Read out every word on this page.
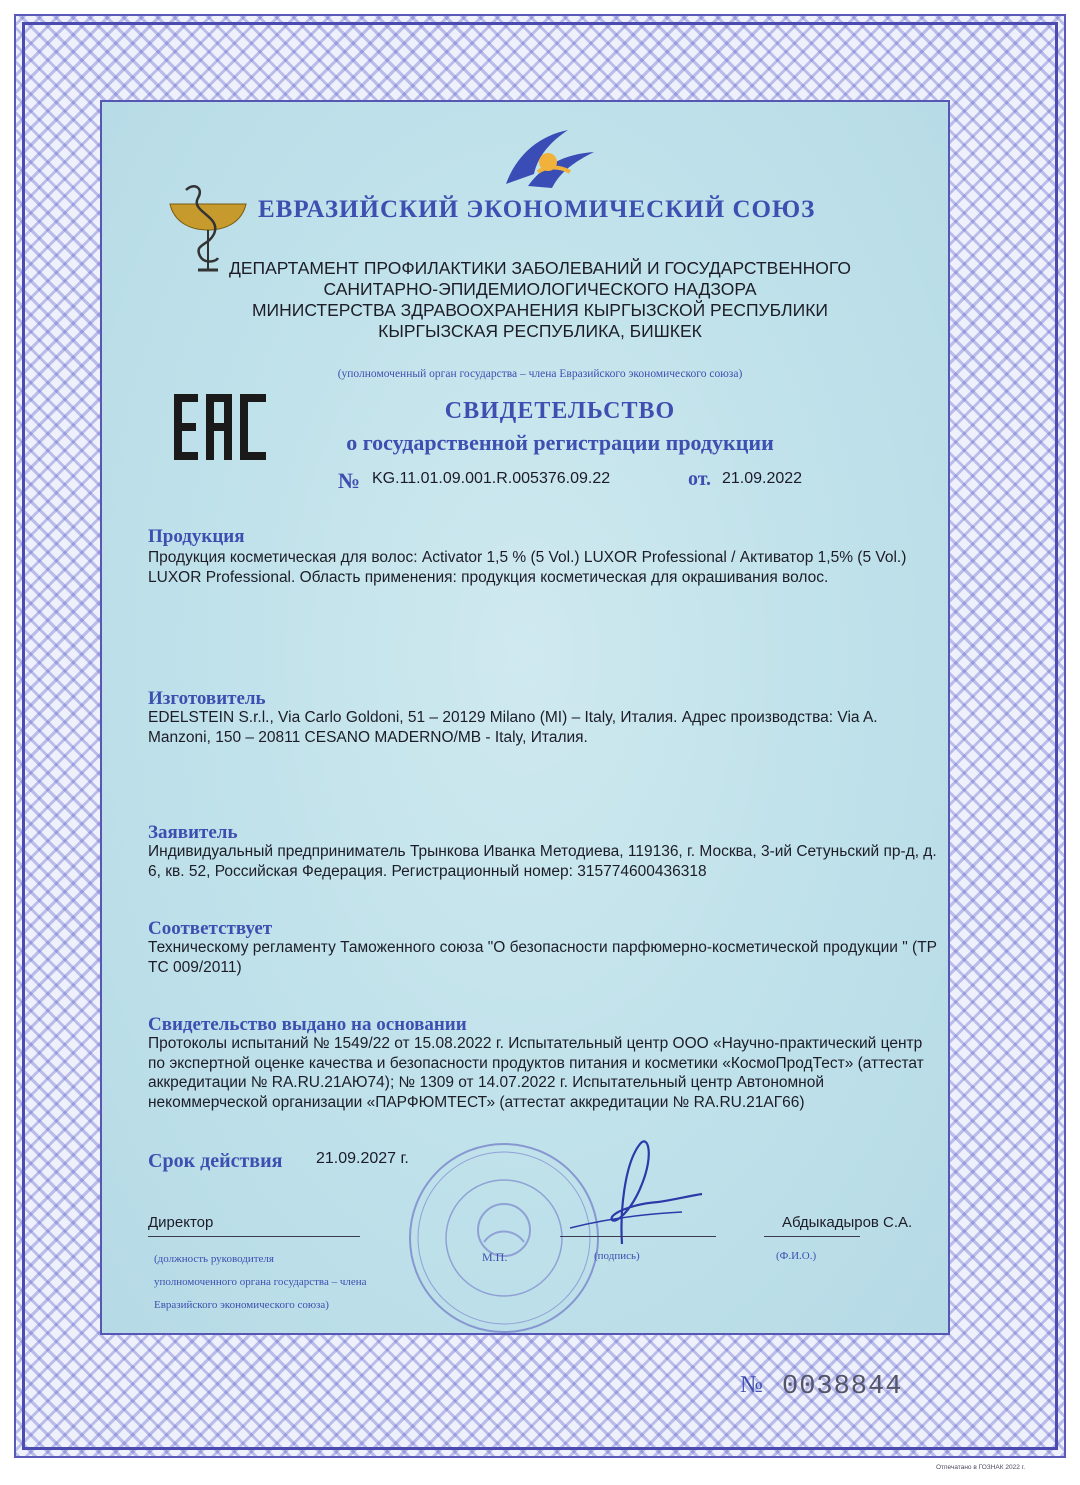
ЕВРАЗИЙСКИЙ ЭКОНОМИЧЕСКИЙ СОЮЗ
ДЕПАРТАМЕНТ ПРОФИЛАКТИКИ ЗАБОЛЕВАНИЙ И ГОСУДАРСТВЕННОГО
САНИТАРНО-ЭПИДЕМИОЛОГИЧЕСКОГО НАДЗОРА
МИНИСТЕРСТВА ЗДРАВООХРАНЕНИЯ КЫРГЫЗСКОЙ РЕСПУБЛИКИ
КЫРГЫЗСКАЯ РЕСПУБЛИКА, БИШКЕК
(уполномоченный орган государства – члена Евразийского экономического союза)
СВИДЕТЕЛЬСТВО
о государственной регистрации продукции
№ KG.11.01.09.001.R.005376.09.22	от. 21.09.2022
Продукция
Продукция косметическая для волос: Activator 1,5 % (5 Vol.) LUXOR Professional / Активатор 1,5% (5 Vol.) LUXOR Professional. Область применения: продукция косметическая для окрашивания волос.
Изготовитель
EDELSTEIN S.r.l., Via Carlo Goldoni, 51 – 20129 Milano (MI) – Italy, Италия. Адрес производства: Via A. Manzoni, 150 – 20811 CESANO MADERNO/MB - Italy, Италия.
Заявитель
Индивидуальный предприниматель Трынкова Иванка Методиева, 119136, г. Москва, 3-ий Сетуньский пр-д, д. 6, кв. 52, Российская Федерация. Регистрационный номер: 315774600436318
Соответствует
Техническому регламенту Таможенного союза "О безопасности парфюмерно-косметической продукции " (ТР ТС 009/2011)
Свидетельство выдано на основании
Протоколы испытаний № 1549/22 от 15.08.2022 г. Испытательный центр ООО «Научно-практический центр по экспертной оценке качества и безопасности продуктов питания и косметики «КосмоПродТест» (аттестат аккредитации № RA.RU.21АЮ74); № 1309 от 14.07.2022 г. Испытательный центр Автономной некоммерческой организации «ПАРФЮМТЕСТ» (аттестат аккредитации № RA.RU.21АГ66)
Срок действия 21.09.2027 г.
Директор	Абдыкадыров С.А.
(должность руководителя
уполномоченного органа государства – члена
Евразийского экономического союза)
М.П.	(подпись)	(Ф.И.О.)
№ 0038844
Отпечатано в ГОЗНАК 2022 г.
